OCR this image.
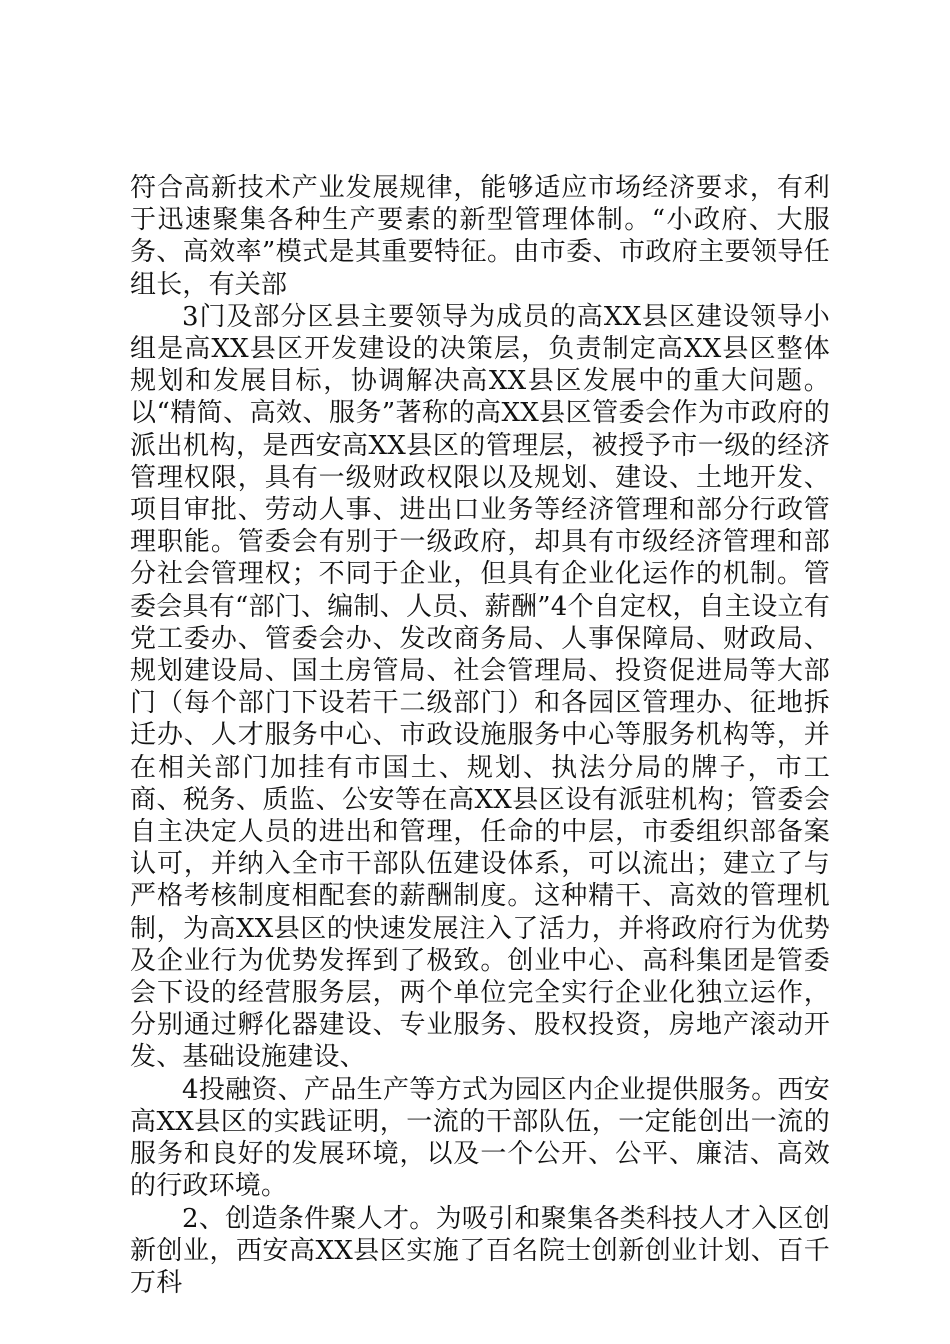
符合高新技术产业发展规律，能够适应市场经济要求，有利于迅速聚集各种生产要素的新型管理体制。“小政府、大服务、高效率”模式是其重要特征。由市委、市政府主要领导任组长，有关部

3门及部分区县主要领导为成员的高XX县区建设领导小组是高XX县区开发建设的决策层，负责制定高XX县区整体规划和发展目标，协调解决高XX县区发展中的重大问题。以“精简、高效、服务”著称的高XX县区管委会作为市政府的派出机构，是西安高XX县区的管理层，被授予市一级的经济管理权限，具有一级财政权限以及规划、建设、土地开发、项目审批、劳动人事、进出口业务等经济管理和部分行政管理职能。管委会有别于一级政府，却具有市级经济管理和部分社会管理权；不同于企业，但具有企业化运作的机制。管委会具有“部门、编制、人员、薪酬”4个自定权，自主设立有党工委办、管委会办、发改商务局、人事保障局、财政局、规划建设局、国土房管局、社会管理局、投资促进局等大部门（每个部门下设若干二级部门）和各园区管理办、征地拆迁办、人才服务中心、市政设施服务中心等服务机构等，并在相关部门加挂有市国土、规划、执法分局的牌子，市工商、税务、质监、公安等在高XX县区设有派驻机构；管委会自主决定人员的进出和管理，任命的中层，市委组织部备案认可，并纳入全市干部队伍建设体系，可以流出；建立了与严格考核制度相配套的薪酬制度。这种精干、高效的管理机制，为高XX县区的快速发展注入了活力，并将政府行为优势及企业行为优势发挥到了极致。创业中心、高科集团是管委会下设的经营服务层，两个单位完全实行企业化独立运作，分别通过孵化器建设、专业服务、股权投资，房地产滚动开发、基础设施建设、

4投融资、产品生产等方式为园区内企业提供服务。西安高XX县区的实践证明，一流的干部队伍，一定能创出一流的服务和良好的发展环境，以及一个公开、公平、廉洁、高效的行政环境。

2、创造条件聚人才。为吸引和聚集各类科技人才入区创新创业，西安高XX县区实施了百名院士创新创业计划、百千万科
